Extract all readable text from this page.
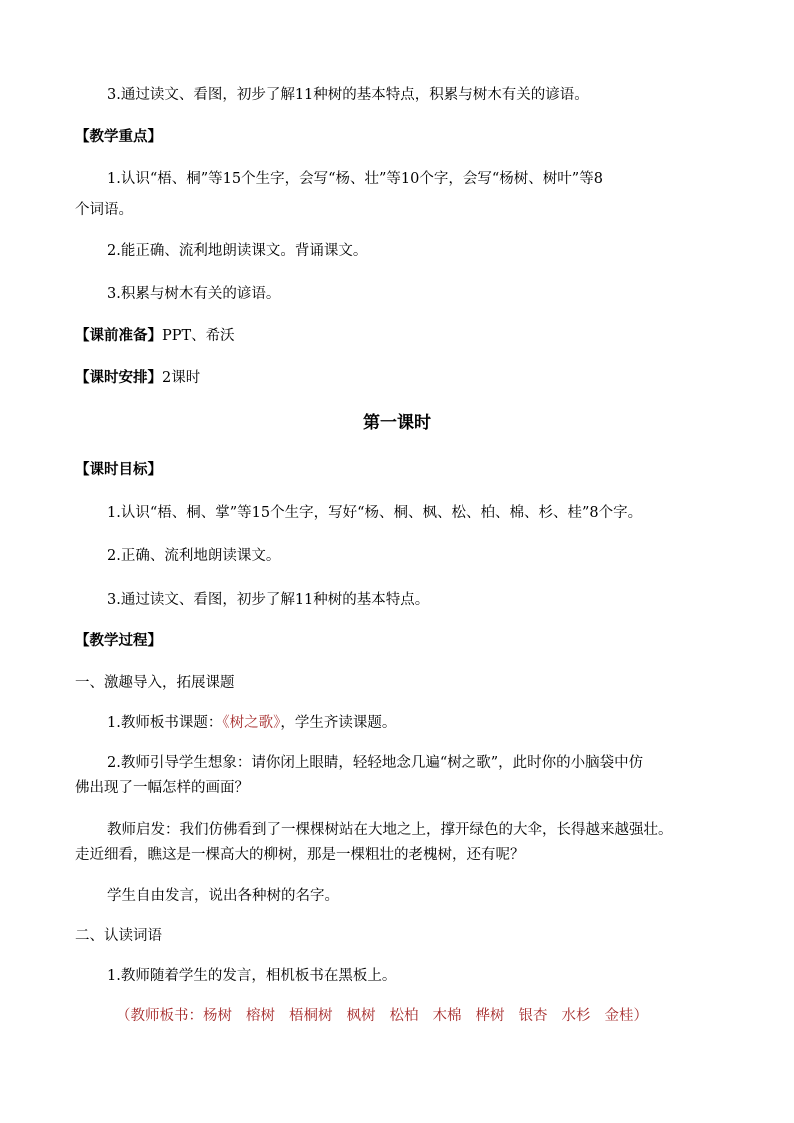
3.通过读文、看图，初步了解11种树的基本特点，积累与树木有关的谚语。
【教学重点】
1.认识“梧、桐”等15个生字，会写“杨、壮”等10个字，会写“杨树、树叶”等8
个词语。
2.能正确、流利地朗读课文。背诵课文。
3.积累与树木有关的谚语。
【课前准备】PPT、希沃
【课时安排】2课时
第一课时
【课时目标】
1.认识“梧、桐、掌”等15个生字，写好“杨、桐、枫、松、柏、棉、杉、桂”8个字。
2.正确、流利地朗读课文。
3.通过读文、看图，初步了解11种树的基本特点。
【教学过程】
一、激趣导入，拓展课题
1.教师板书课题：《树之歌》，学生齐读课题。
2.教师引导学生想象：请你闭上眼睛，轻轻地念几遍“树之歌”，此时你的小脑袋中仿
佛出现了一幅怎样的画面？
教师启发：我们仿佛看到了一棵棵树站在大地之上，撑开绿色的大伞，长得越来越强壮。
走近细看，瞧这是一棵高大的柳树，那是一棵粗壮的老槐树，还有呢？
学生自由发言，说出各种树的名字。
二、认读词语
1.教师随着学生的发言，相机板书在黑板上。
（教师板书：杨树 榕树 梧桐树 枫树 松柏 木棉 桦树 银杏 水杉 金桂）
